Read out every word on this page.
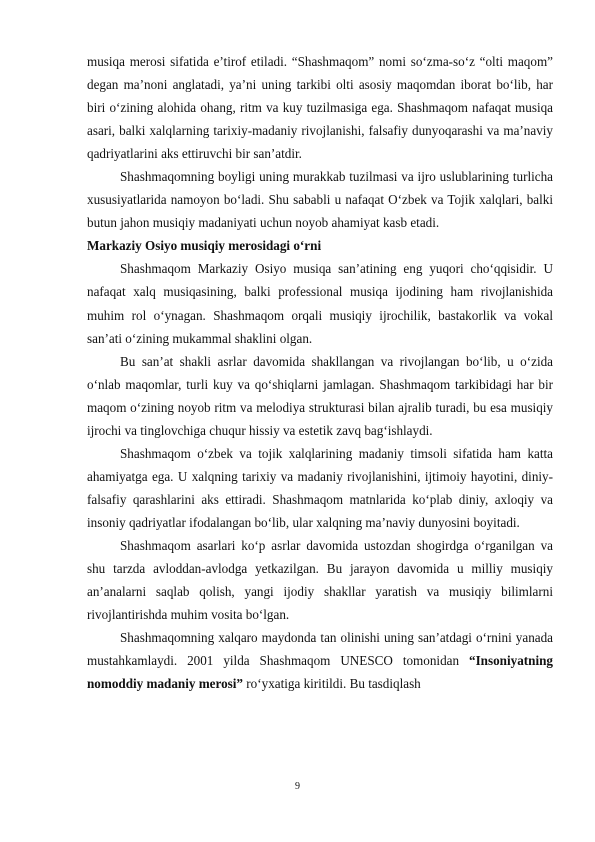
musiqa merosi sifatida e’tirof etiladi. “Shashmaqom” nomi so‘zma-so‘z “olti maqom” degan ma’noni anglatadi, ya’ni uning tarkibi olti asosiy maqomdan iborat bo‘lib, har biri o‘zining alohida ohang, ritm va kuy tuzilmasiga ega. Shashmaqom nafaqat musiqa asari, balki xalqlarning tarixiy-madaniy rivojlanishi, falsafiy dunyoqarashi va ma’naviy qadriyatlarini aks ettiruvchi bir san’atdir.

Shashmaqomning boyligi uning murakkab tuzilmasi va ijro uslublarining turlicha xususiyatlarida namoyon bo‘ladi. Shu sababli u nafaqat O‘zbek va Tojik xalqlari, balki butun jahon musiqiy madaniyati uchun noyob ahamiyat kasb etadi.

Markaziy Osiyo musiqiy merosidagi o‘rni

Shashmaqom Markaziy Osiyo musiqa san’atining eng yuqori cho‘qqisidir. U nafaqat xalq musiqasining, balki professional musiqa ijodining ham rivojlanishida muhim rol o‘ynagan. Shashmaqom orqali musiqiy ijrochilik, bastakorlik va vokal san’ati o‘zining mukammal shaklini olgan.

Bu san’at shakli asrlar davomida shakllangan va rivojlangan bo‘lib, u o‘zida o‘nlab maqomlar, turli kuy va qo‘shiqlarni jamlagan. Shashmaqom tarkibidagi har bir maqom o‘zining noyob ritm va melodiya strukturasi bilan ajralib turadi, bu esa musiqiy ijrochi va tinglovchiga chuqur hissiy va estetik zavq bag‘ishlaydi.

Shashmaqom o‘zbek va tojik xalqlarining madaniy timsoli sifatida ham katta ahamiyatga ega. U xalqning tarixiy va madaniy rivojlanishini, ijtimoiy hayotini, diniy-falsafiy qarashlarini aks ettiradi. Shashmaqom matnlarida ko‘plab diniy, axloqiy va insoniy qadriyatlar ifodalangan bo‘lib, ular xalqning ma’naviy dunyosini boyitadi.

Shashmaqom asarlari ko‘p asrlar davomida ustozdan shogirdga o‘rganilgan va shu tarzda avloddan-avlodga yetkazilgan. Bu jarayon davomida u milliy musiqiy an’analarni saqlab qolish, yangi ijodiy shakllar yaratish va musiqiy bilimlarni rivojlantirishda muhim vosita bo‘lgan.

Shashmaqomning xalqaro maydonda tan olinishi uning san’atdagi o‘rnini yanada mustahkamlaydi. 2001 yilda Shashmaqom UNESCO tomonidan “Insoniyatning nomoddiy madaniy merosi” ro‘yxatiga kiritildi. Bu tasdiqlash

9
